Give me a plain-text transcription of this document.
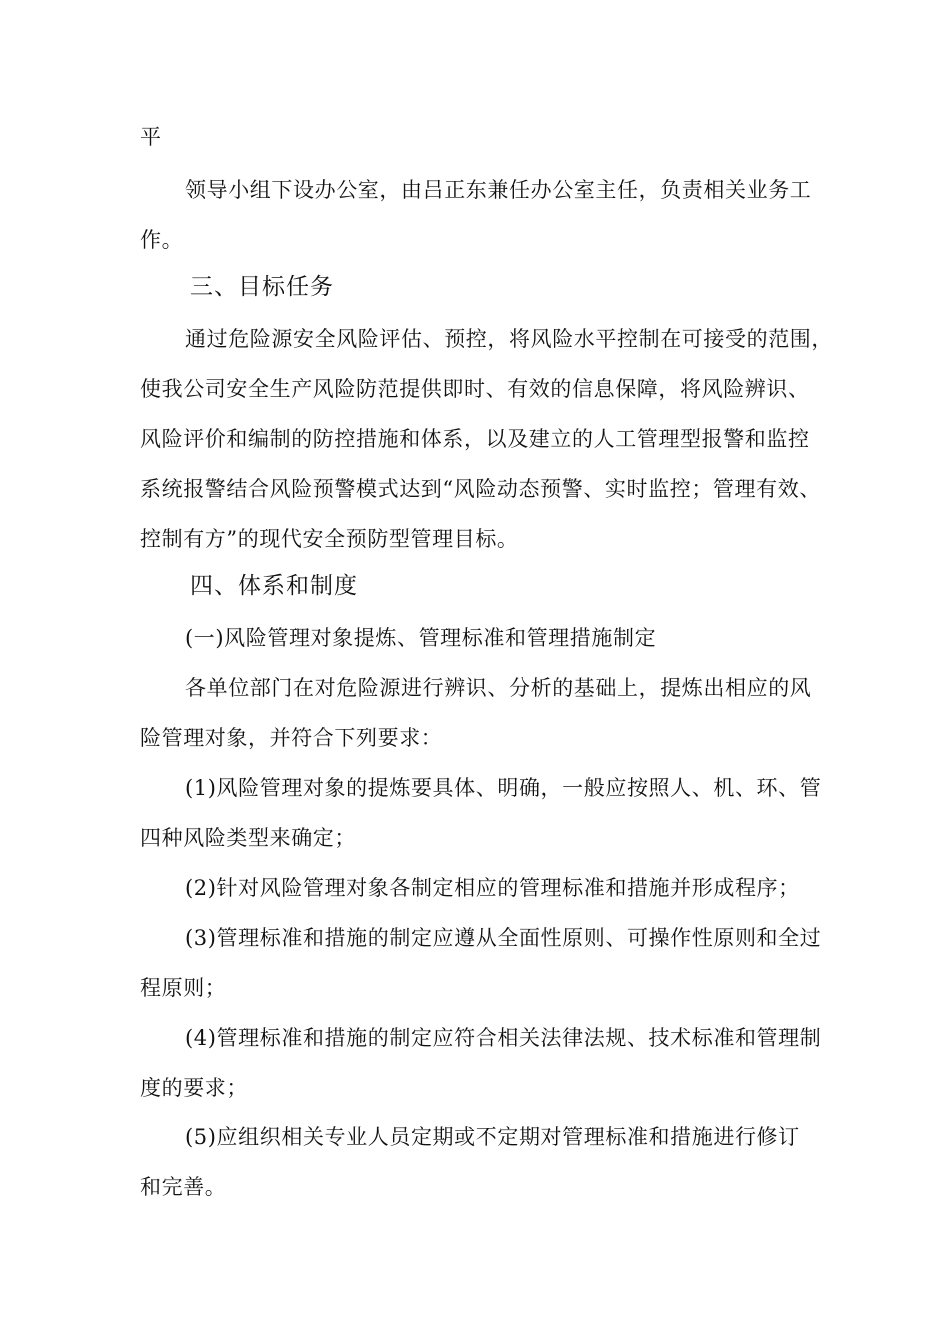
平
领导小组下设办公室，由吕正东兼任办公室主任，负责相关业务工
作。
三、目标任务
通过危险源安全风险评估、预控，将风险水平控制在可接受的范围，
使我公司安全生产风险防范提供即时、有效的信息保障，将风险辨识、
风险评价和编制的防控措施和体系，以及建立的人工管理型报警和监控
系统报警结合风险预警模式达到“风险动态预警、实时监控；管理有效、
控制有方”的现代安全预防型管理目标。
四、体系和制度
(一)风险管理对象提炼、管理标准和管理措施制定
各单位部门在对危险源进行辨识、分析的基础上，提炼出相应的风
险管理对象，并符合下列要求：
(1)风险管理对象的提炼要具体、明确，一般应按照人、机、环、管
四种风险类型来确定；
(2)针对风险管理对象各制定相应的管理标准和措施并形成程序；
(3)管理标准和措施的制定应遵从全面性原则、可操作性原则和全过
程原则；
(4)管理标准和措施的制定应符合相关法律法规、技术标准和管理制
度的要求；
(5)应组织相关专业人员定期或不定期对管理标准和措施进行修订
和完善。
